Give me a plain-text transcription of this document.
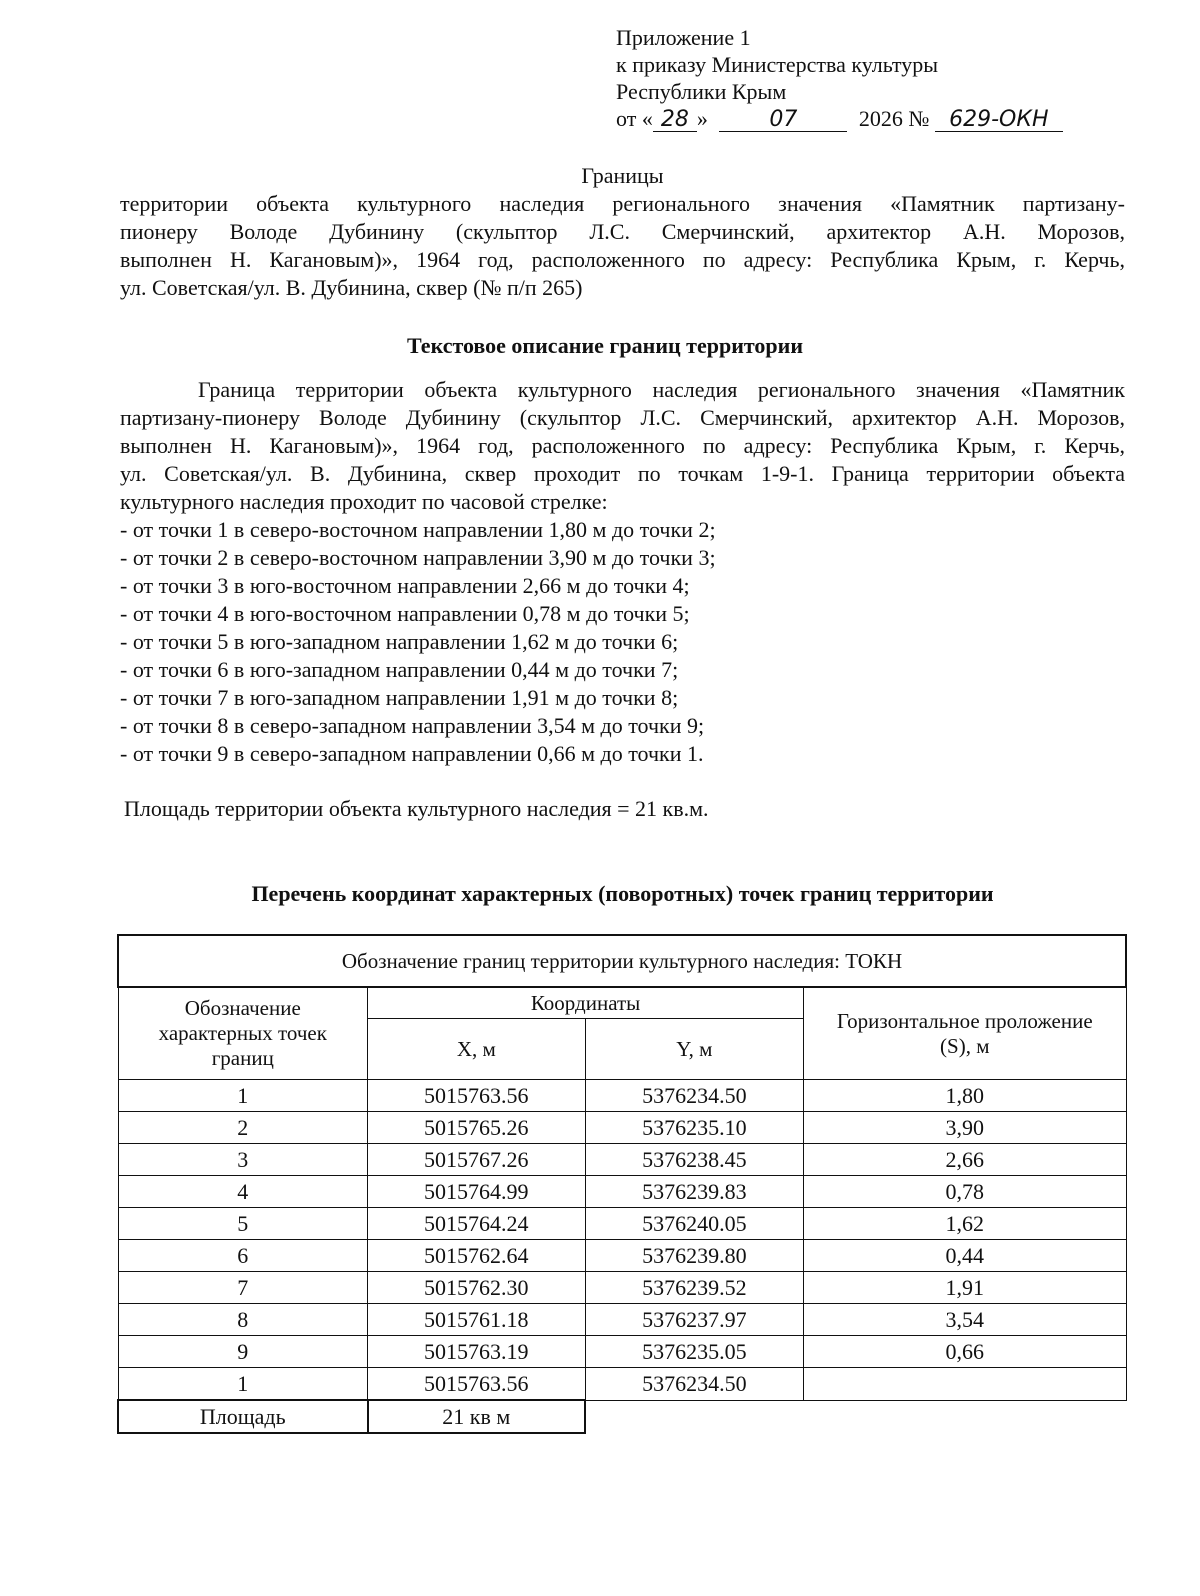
Приложение 1
к приказу Министерства культуры
Республики Крым
от « 28 »	07	2026 № 629-ОКН
Границы
территории объекта культурного наследия регионального значения «Памятник партизану-
пионеру Володе Дубинину (скульптор Л.С. Смерчинский, архитектор А.Н. Морозов,
выполнен Н. Кагановым)», 1964 год, расположенного по адресу: Республика Крым, г. Керчь,
ул. Советская/ул. В. Дубинина, сквер (№ п/п 265)
Текстовое описание границ территории
Граница территории объекта культурного наследия регионального значения «Памятник
партизану-пионеру Володе Дубинину (скульптор Л.С. Смерчинский, архитектор А.Н. Морозов,
выполнен Н. Кагановым)», 1964 год, расположенного по адресу: Республика Крым, г. Керчь,
ул. Советская/ул. В. Дубинина, сквер проходит по точкам 1-9-1. Граница территории объекта
культурного наследия проходит по часовой стрелке:
- от точки 1 в северо-восточном направлении 1,80 м до точки 2;
- от точки 2 в северо-восточном направлении 3,90 м до точки 3;
- от точки 3 в юго-восточном направлении 2,66 м до точки 4;
- от точки 4 в юго-восточном направлении 0,78 м до точки 5;
- от точки 5 в юго-западном направлении 1,62 м до точки 6;
- от точки 6 в юго-западном направлении 0,44 м до точки 7;
- от точки 7 в юго-западном направлении 1,91 м до точки 8;
- от точки 8 в северо-западном направлении 3,54 м до точки 9;
- от точки 9 в северо-западном направлении 0,66 м до точки 1.
Площадь территории объекта культурного наследия = 21 кв.м.
Перечень координат характерных (поворотных) точек границ территории
Обозначение границ территории культурного наследия: ТОКН			
Обозначение характерных точек границ	Координаты		Горизонтальное проложение (S), м
	X, м	Y, м	
1	5015763.56	5376234.50	1,80
2	5015765.26	5376235.10	3,90
3	5015767.26	5376238.45	2,66
4	5015764.99	5376239.83	0,78
5	5015764.24	5376240.05	1,62
6	5015762.64	5376239.80	0,44
7	5015762.30	5376239.52	1,91
8	5015761.18	5376237.97	3,54
9	5015763.19	5376235.05	0,66
1	5015763.56	5376234.50	
Площадь	21 кв м		
